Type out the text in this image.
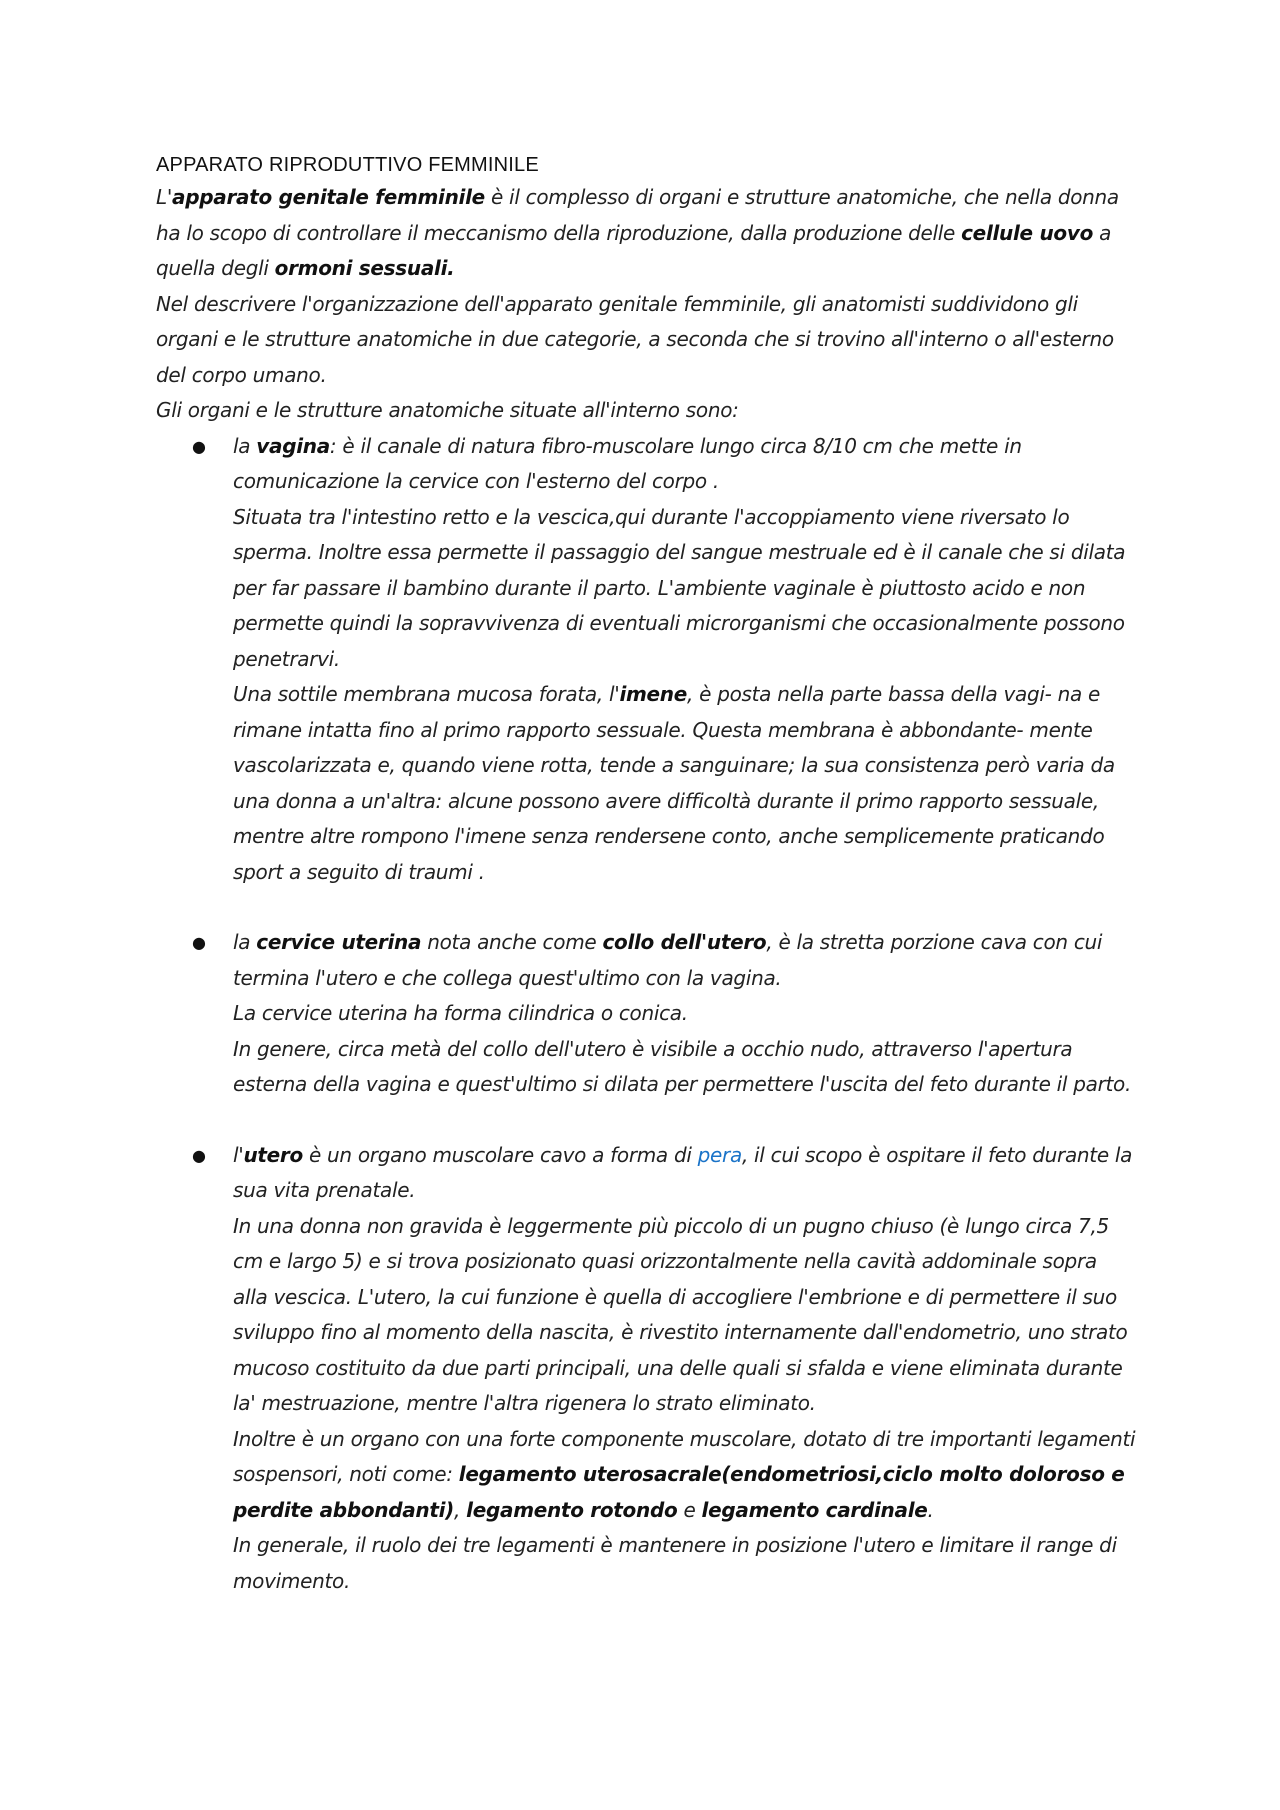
APPARATO RIPRODUTTIVO FEMMINILE

L'apparato genitale femminile è il complesso di organi e strutture anatomiche, che nella donna ha lo scopo di controllare il meccanismo della riproduzione, dalla produzione delle cellule uovo a quella degli ormoni sessuali.

Nel descrivere l'organizzazione dell'apparato genitale femminile, gli anatomisti suddividono gli organi e le strutture anatomiche in due categorie, a seconda che si trovino all'interno o all'esterno del corpo umano.

Gli organi e le strutture anatomiche situate all'interno sono:

● la vagina: è il canale di natura fibro-muscolare lungo circa 8/10 cm che mette in comunicazione la cervice con l'esterno del corpo .

Situata tra l'intestino retto e la vescica,qui durante l'accoppiamento viene riversato lo sperma. Inoltre essa permette il passaggio del sangue mestruale ed è il canale che si dilata per far passare il bambino durante il parto. L'ambiente vaginale è piuttosto acido e non permette quindi la sopravvivenza di eventuali microrganismi che occasionalmente possono penetrarvi.

Una sottile membrana mucosa forata, l'imene, è posta nella parte bassa della vagi- na e rimane intatta fino al primo rapporto sessuale. Questa membrana è abbondante- mente vascolarizzata e, quando viene rotta, tende a sanguinare; la sua consistenza però varia da una donna a un'altra: alcune possono avere difficoltà durante il primo rapporto sessuale, mentre altre rompono l'imene senza rendersene conto, anche semplicemente praticando sport a seguito di traumi .

● la cervice uterina nota anche come collo dell'utero, è la stretta porzione cava con cui termina l'utero e che collega quest'ultimo con la vagina.

La cervice uterina ha forma cilindrica o conica.

In genere, circa metà del collo dell'utero è visibile a occhio nudo, attraverso l'apertura esterna della vagina e quest'ultimo si dilata per permettere l'uscita del feto durante il parto.

● l'utero è un organo muscolare cavo a forma di pera, il cui scopo è ospitare il feto durante la sua vita prenatale.

In una donna non gravida è leggermente più piccolo di un pugno chiuso (è lungo circa 7,5 cm e largo 5) e si trova posizionato quasi orizzontalmente nella cavità addominale sopra alla vescica. L'utero, la cui funzione è quella di accogliere l'embrione e di permettere il suo sviluppo fino al momento della nascita, è rivestito internamente dall'endometrio, uno strato mucoso costituito da due parti principali, una delle quali si sfalda e viene eliminata durante la' mestruazione, mentre l'altra rigenera lo strato eliminato.

Inoltre è un organo con una forte componente muscolare, dotato di tre importanti legamenti sospensori, noti come: legamento uterosacrale(endometriosi,ciclo molto doloroso e perdite abbondanti), legamento rotondo e legamento cardinale.

In generale, il ruolo dei tre legamenti è mantenere in posizione l'utero e limitare il range di movimento.
